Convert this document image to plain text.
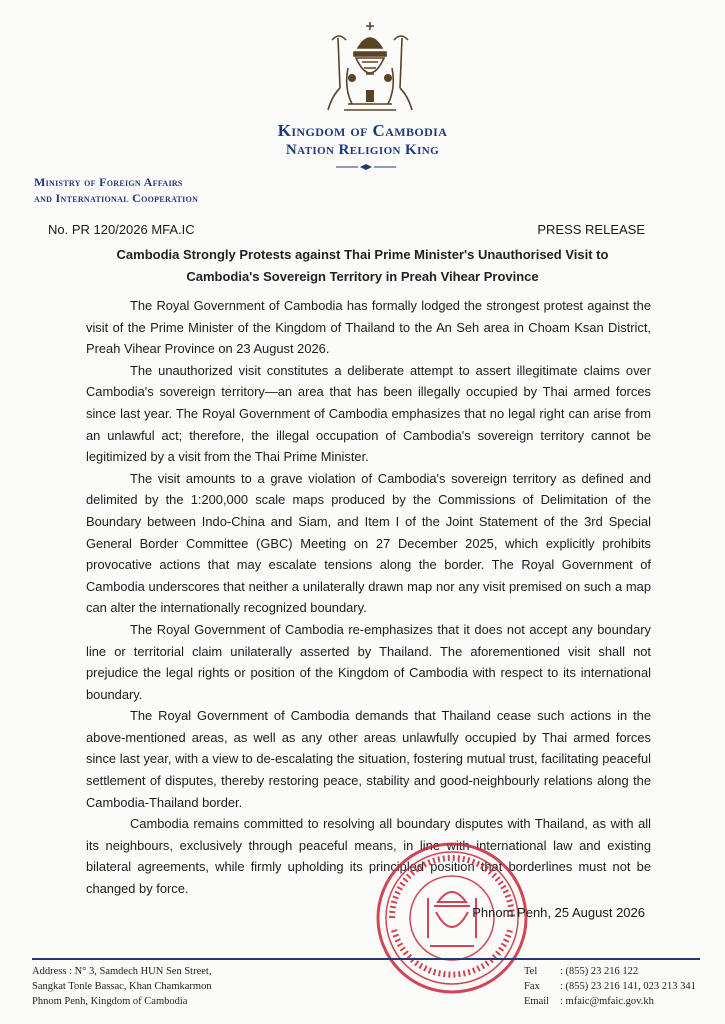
Kingdom of Cambodia
Nation Religion King
Ministry of Foreign Affairs
and International Cooperation
No. PR 120/2026 MFA.IC	PRESS RELEASE
Cambodia Strongly Protests against Thai Prime Minister's Unauthorised Visit to
Cambodia's Sovereign Territory in Preah Vihear Province

The Royal Government of Cambodia has formally lodged the strongest protest against the visit of the Prime Minister of the Kingdom of Thailand to the An Seh area in Choam Ksan District, Preah Vihear Province on 23 August 2026.

The unauthorized visit constitutes a deliberate attempt to assert illegitimate claims over Cambodia's sovereign territory—an area that has been illegally occupied by Thai armed forces since last year. The Royal Government of Cambodia emphasizes that no legal right can arise from an unlawful act; therefore, the illegal occupation of Cambodia's sovereign territory cannot be legitimized by a visit from the Thai Prime Minister.

The visit amounts to a grave violation of Cambodia's sovereign territory as defined and delimited by the 1:200,000 scale maps produced by the Commissions of Delimitation of the Boundary between Indo-China and Siam, and Item I of the Joint Statement of the 3rd Special General Border Committee (GBC) Meeting on 27 December 2025, which explicitly prohibits provocative actions that may escalate tensions along the border. The Royal Government of Cambodia underscores that neither a unilaterally drawn map nor any visit premised on such a map can alter the internationally recognized boundary.

The Royal Government of Cambodia re-emphasizes that it does not accept any boundary line or territorial claim unilaterally asserted by Thailand. The aforementioned visit shall not prejudice the legal rights or position of the Kingdom of Cambodia with respect to its international boundary.

The Royal Government of Cambodia demands that Thailand cease such actions in the above-mentioned areas, as well as any other areas unlawfully occupied by Thai armed forces since last year, with a view to de-escalating the situation, fostering mutual trust, facilitating peaceful settlement of disputes, thereby restoring peace, stability and good-neighbourly relations along the Cambodia-Thailand border.

Cambodia remains committed to resolving all boundary disputes with Thailand, as with all its neighbours, exclusively through peaceful means, in line with international law and existing bilateral agreements, while firmly upholding its principled position that borderlines must not be changed by force.

Phnom Penh, 25 August 2026
Address : N° 3, Samdech HUN Sen Street,
Sangkat Tonle Bassac, Khan Chamkarmon
Phnom Penh, Kingdom of Cambodia
Tel : (855) 23 216 122
Fax : (855) 23 216 141, 023 213 341
Email : mfaic@mfaic.gov.kh
